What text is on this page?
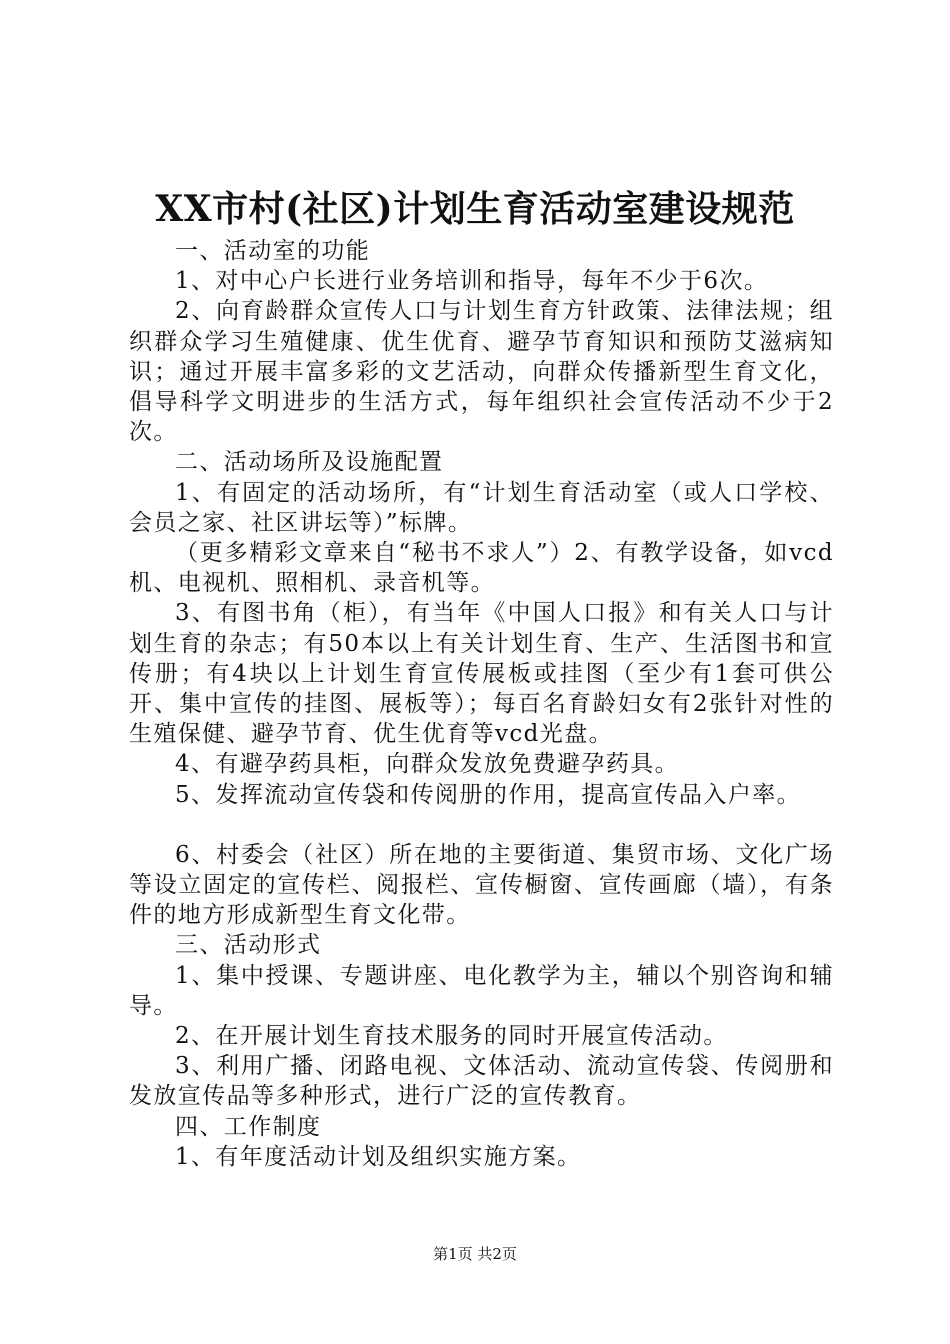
XX市村(社区)计划生育活动室建设规范

一、活动室的功能

1、对中心户长进行业务培训和指导，每年不少于6次。

2、向育龄群众宣传人口与计划生育方针政策、法律法规；组织群众学习生殖健康、优生优育、避孕节育知识和预防艾滋病知识；通过开展丰富多彩的文艺活动，向群众传播新型生育文化，倡导科学文明进步的生活方式，每年组织社会宣传活动不少于2次。

二、活动场所及设施配置

1、有固定的活动场所，有“计划生育活动室（或人口学校、会员之家、社区讲坛等）”标牌。

（更多精彩文章来自“秘书不求人”）2、有教学设备，如vcd机、电视机、照相机、录音机等。

3、有图书角（柜），有当年《中国人口报》和有关人口与计划生育的杂志；有50本以上有关计划生育、生产、生活图书和宣传册；有4块以上计划生育宣传展板或挂图（至少有1套可供公开、集中宣传的挂图、展板等）；每百名育龄妇女有2张针对性的生殖保健、避孕节育、优生优育等vcd光盘。

4、有避孕药具柜，向群众发放免费避孕药具。

5、发挥流动宣传袋和传阅册的作用，提高宣传品入户率。

6、村委会（社区）所在地的主要街道、集贸市场、文化广场等设立固定的宣传栏、阅报栏、宣传橱窗、宣传画廊（墙），有条件的地方形成新型生育文化带。

三、活动形式

1、集中授课、专题讲座、电化教学为主，辅以个别咨询和辅导。

2、在开展计划生育技术服务的同时开展宣传活动。

3、利用广播、闭路电视、文体活动、流动宣传袋、传阅册和发放宣传品等多种形式，进行广泛的宣传教育。

四、工作制度

1、有年度活动计划及组织实施方案。

第1页 共2页
